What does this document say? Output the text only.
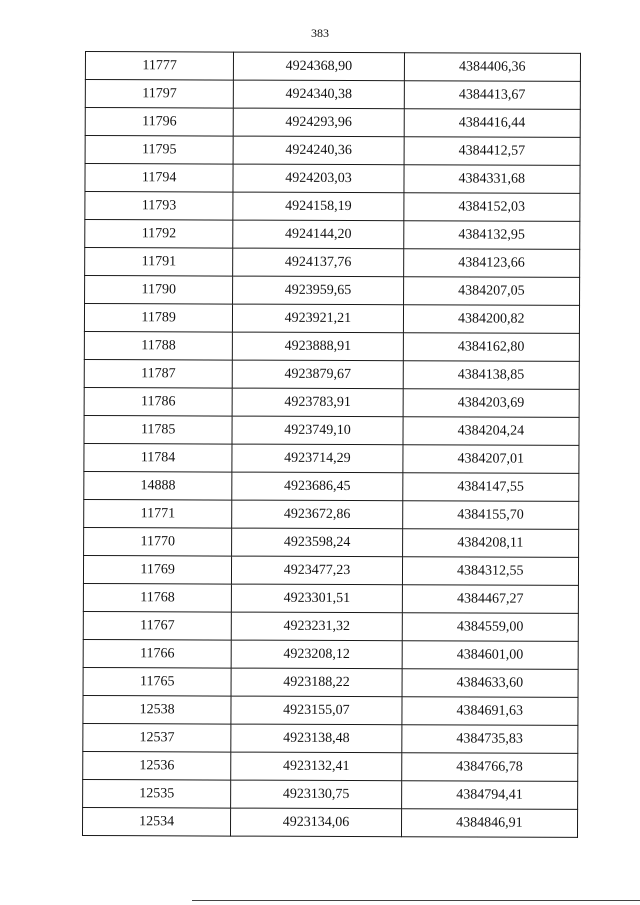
383
11777	4924368,90	4384406,36
11797	4924340,38	4384413,67
11796	4924293,96	4384416,44
11795	4924240,36	4384412,57
11794	4924203,03	4384331,68
11793	4924158,19	4384152,03
11792	4924144,20	4384132,95
11791	4924137,76	4384123,66
11790	4923959,65	4384207,05
11789	4923921,21	4384200,82
11788	4923888,91	4384162,80
11787	4923879,67	4384138,85
11786	4923783,91	4384203,69
11785	4923749,10	4384204,24
11784	4923714,29	4384207,01
14888	4923686,45	4384147,55
11771	4923672,86	4384155,70
11770	4923598,24	4384208,11
11769	4923477,23	4384312,55
11768	4923301,51	4384467,27
11767	4923231,32	4384559,00
11766	4923208,12	4384601,00
11765	4923188,22	4384633,60
12538	4923155,07	4384691,63
12537	4923138,48	4384735,83
12536	4923132,41	4384766,78
12535	4923130,75	4384794,41
12534	4923134,06	4384846,91
